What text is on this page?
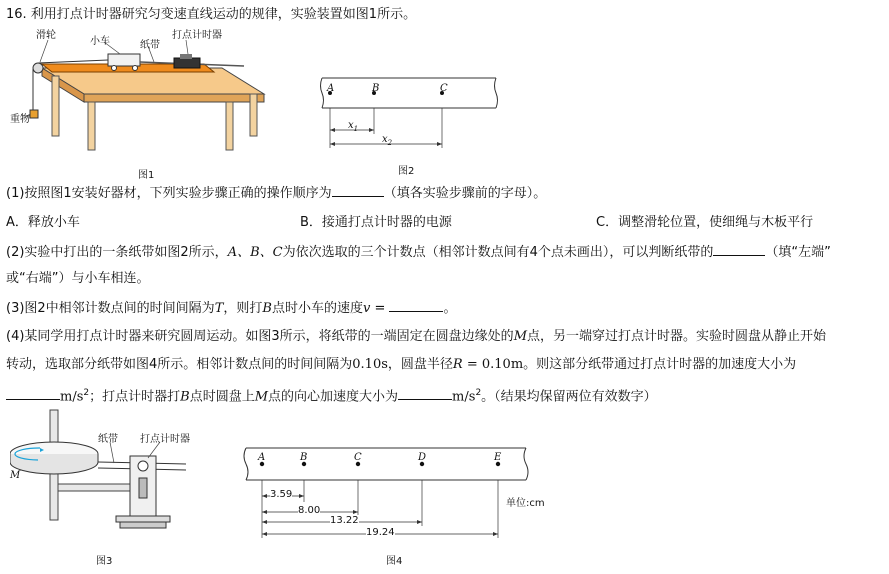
16. 利用打点计时器研究匀变速直线运动的规律，实验装置如图1所示。
滑轮
小车	纸带
打点计时器
重物
图1
A	B	C
$x_1$
$x_2$
图2
(1)按照图1安装好器材，下列实验步骤正确的操作顺序为	（填各实验步骤前的字母）。
A．释放小车	B．接通打点计时器的电源	C．调整滑轮位置，使细绳与木板平行
(2)实验中打出的一条纸带如图2所示，A、B、C为依次选取的三个计数点（相邻计数点间有4个点未画出），可以判断纸带的	（填“左端”
或“右端”）与小车相连。
(3)图2中相邻计数点间的时间间隔为T，则打B点时小车的速度v =	。
(4)某同学用打点计时器来研究圆周运动。如图3所示，将纸带的一端固定在圆盘边缘处的M点，另一端穿过打点计时器。实验时圆盘从静止开始
转动，选取部分纸带如图4所示。相邻计数点间的时间间隔为0.10s，圆盘半径R = 0.10m。则这部分纸带通过打点计时器的加速度大小为
$m/s^2$；打点计时器打B点时圆盘上M点的向心加速度大小为	$m/s^2$。（结果均保留两位有效数字）
纸带 打点计时器
M
图3
A	B	C	D	E
3.59
8.00
13.22
19.24
单位:cm
图4
